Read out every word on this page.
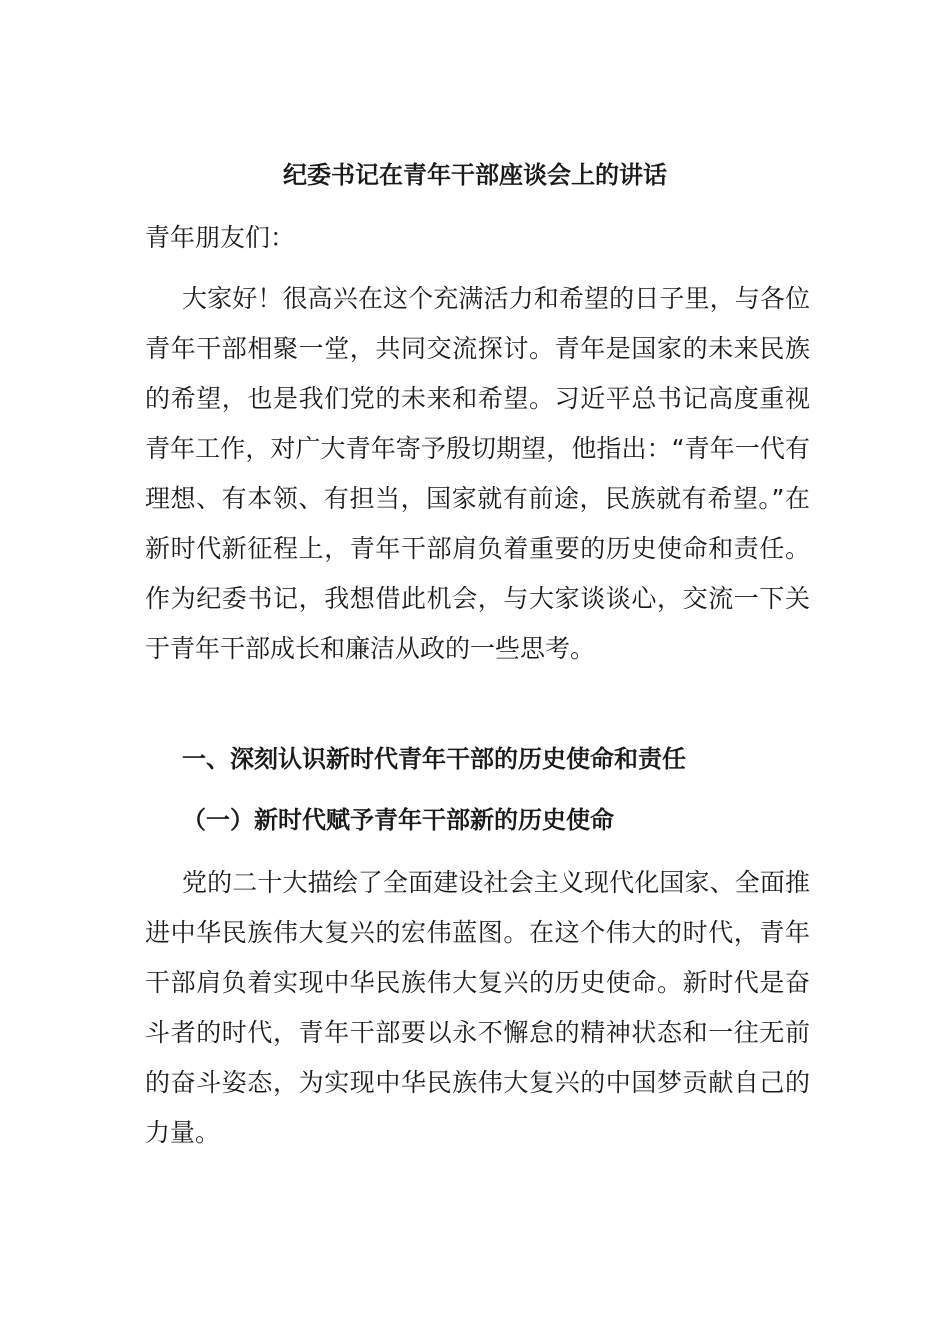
纪委书记在青年干部座谈会上的讲话
青年朋友们：

大家好！很高兴在这个充满活力和希望的日子里，与各位青年干部相聚一堂，共同交流探讨。青年是国家的未来民族的希望，也是我们党的未来和希望。习近平总书记高度重视青年工作，对广大青年寄予殷切期望，他指出：“青年一代有理想、有本领、有担当，国家就有前途，民族就有希望。”在新时代新征程上，青年干部肩负着重要的历史使命和责任。作为纪委书记，我想借此机会，与大家谈谈心，交流一下关于青年干部成长和廉洁从政的一些思考。

一、深刻认识新时代青年干部的历史使命和责任
（一）新时代赋予青年干部新的历史使命

党的二十大描绘了全面建设社会主义现代化国家、全面推进中华民族伟大复兴的宏伟蓝图。在这个伟大的时代，青年干部肩负着实现中华民族伟大复兴的历史使命。新时代是奋斗者的时代，青年干部要以永不懈怠的精神状态和一往无前的奋斗姿态，为实现中华民族伟大复兴的中国梦贡献自己的力量。
